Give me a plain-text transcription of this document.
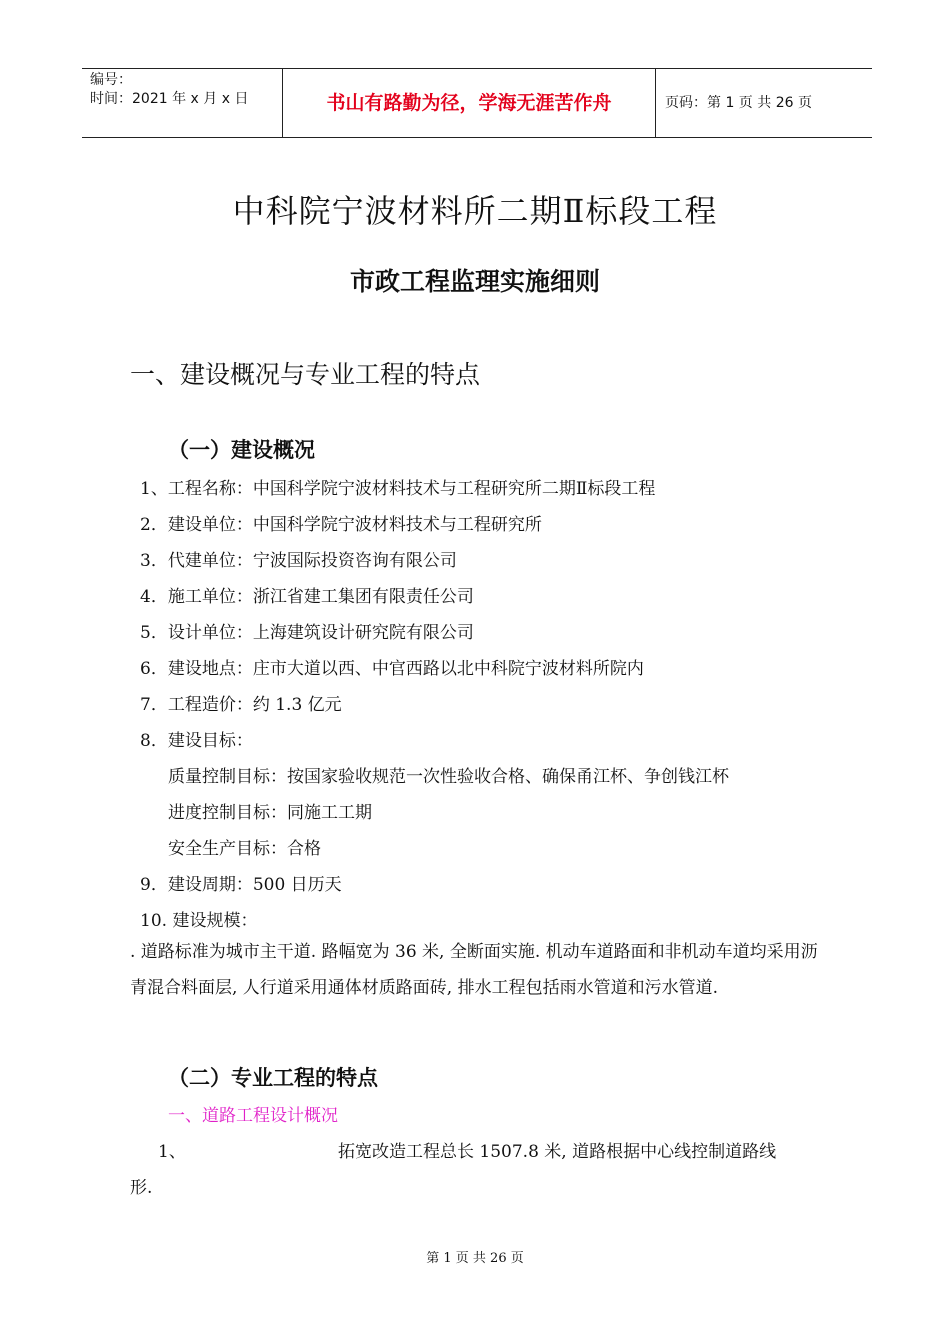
编号：
时间：2021 年 x 月 x 日	书山有路勤为径，学海无涯苦作舟	页码：第 1 页 共 26 页
中科院宁波材料所二期Ⅱ标段工程
市政工程监理实施细则
一、建设概况与专业工程的特点
（一）建设概况
1、工程名称：中国科学院宁波材料技术与工程研究所二期Ⅱ标段工程
2．建设单位：中国科学院宁波材料技术与工程研究所
3．代建单位：宁波国际投资咨询有限公司
4．施工单位：浙江省建工集团有限责任公司
5．设计单位：上海建筑设计研究院有限公司
6．建设地点：庄市大道以西、中官西路以北中科院宁波材料所院内
7．工程造价：约 1.3 亿元
8．建设目标：
质量控制目标：按国家验收规范一次性验收合格、确保甬江杯、争创钱江杯
进度控制目标：同施工工期
安全生产目标：合格
9．建设周期：500 日历天
10. 建设规模：
. 道路标准为城市主干道. 路幅宽为 36 米, 全断面实施. 机动车道路面和非机动车道均采用沥青混合料面层, 人行道采用通体材质路面砖, 排水工程包括雨水管道和污水管道.
（二）专业工程的特点
一、道路工程设计概况
1、	拓宽改造工程总长 1507.8 米, 道路根据中心线控制道路线
形.
第 1 页 共 26 页
